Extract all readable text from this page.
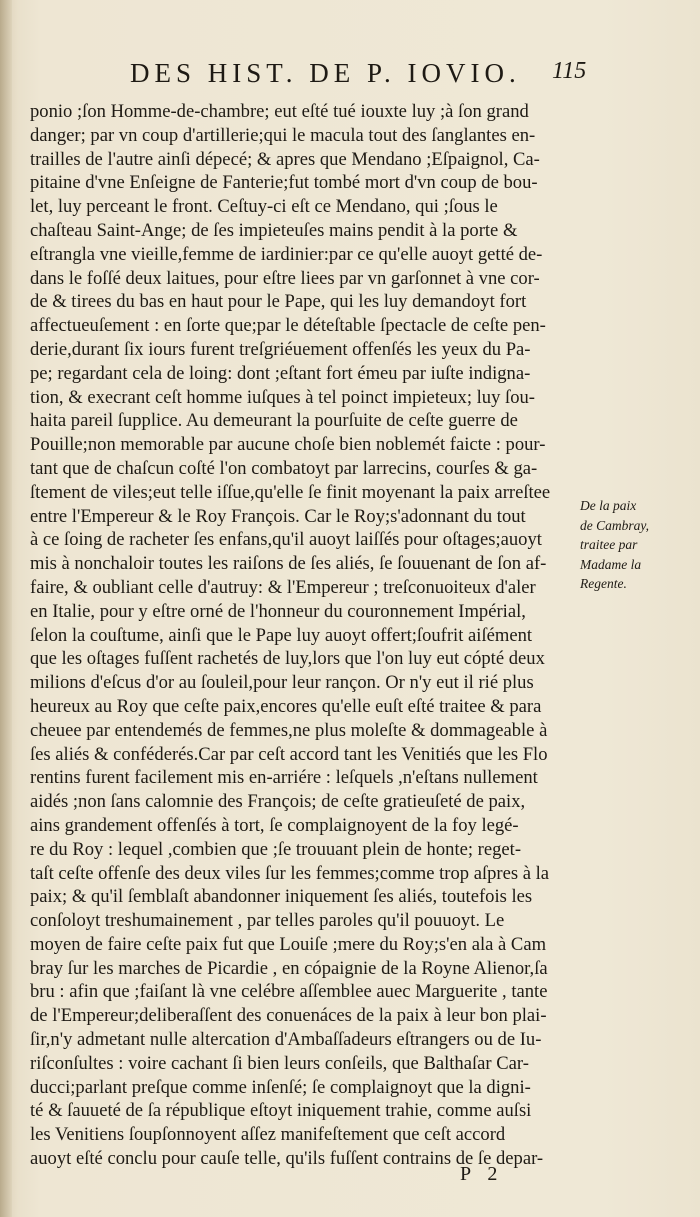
DES HIST. DE P. IOVIO. 115
ponio ;ſon Homme-de-chambre; eut eſté tué iouxte luy ;à ſon grand
danger; par vn coup d'artillerie;qui le macula tout des ſanglantes en-
trailles de l'autre ainſi dépecé; & apres que Mendano ;Eſpaignol, Ca-
pitaine d'vne Enſeigne de Fanterie;fut tombé mort d'vn coup de bou-
let, luy perceant le front. Ceſtuy-ci eſt ce Mendano, qui ;ſous le
chaſteau Saint-Ange; de ſes impieteuſes mains pendit à la porte &
eſtrangla vne vieille,femme de iardinier:par ce qu'elle auoyt getté de-
dans le foſſé deux laitues, pour eſtre liees par vn garſonnet à vne cor-
de & tirees du bas en haut pour le Pape, qui les luy demandoyt fort
affectueuſement : en ſorte que;par le déteſtable ſpectacle de ceſte pen-
derie,durant ſix iours furent treſgriéuement offenſés les yeux du Pa-
pe; regardant cela de loing: dont ;eſtant fort émeu par iuſte indigna-
tion, & execrant ceſt homme iuſques à tel poinct impieteux; luy ſou-
haita pareil ſupplice. Au demeurant la pourſuite de ceſte guerre de
Pouille;non memorable par aucune choſe bien noblemét faicte : pour-
tant que de chaſcun coſté l'on combatoyt par larrecins, courſes & ga-
ſtement de viles;eut telle iſſue,qu'elle ſe finit moyenant la paix arreſtee
entre l'Empereur & le Roy François. Car le Roy;s'adonnant du tout
à ce ſoing de racheter ſes enfans,qu'il auoyt laiſſés pour oſtages;auoyt
mis à nonchaloir toutes les raiſons de ſes aliés, ſe ſouuenant de ſon af-
faire, & oubliant celle d'autruy: & l'Empereur ; treſconuoiteux d'aler
en Italie, pour y eſtre orné de l'honneur du couronnement Impérial,
ſelon la couſtume, ainſi que le Pape luy auoyt offert;ſoufrit aiſément
que les oſtages fuſſent rachetés de luy,lors que l'on luy eut cópté deux
milions d'eſcus d'or au ſouleil,pour leur rançon. Or n'y eut il rié plus
heureux au Roy que ceſte paix,encores qu'elle euſt eſté traitee & para
cheuee par entendemés de femmes,ne plus moleſte & dommageable à
ſes aliés & conféderés.Car par ceſt accord tant les Venitiés que les Flo
rentins furent facilement mis en-arriére : leſquels ,n'eſtans nullement
aidés ;non ſans calomnie des François; de ceſte gratieuſeté de paix,
ains grandement offenſés à tort, ſe complaignoyent de la foy legé-
re du Roy : lequel ,combien que ;ſe trouuant plein de honte; reget-
taſt ceſte offenſe des deux viles ſur les femmes;comme trop aſpres à la
paix; & qu'il ſemblaſt abandonner iniquement ſes aliés, toutefois les
conſoloyt treshumainement , par telles paroles qu'il pouuoyt. Le
moyen de faire ceſte paix fut que Louiſe ;mere du Roy;s'en ala à Cam
bray ſur les marches de Picardie , en cópaignie de la Royne Alienor,ſa
bru : afin que ;faiſant là vne celébre aſſemblee auec Marguerite , tante
de l'Empereur;deliberaſſent des conuenáces de la paix à leur bon plai-
ſir,n'y admetant nulle altercation d'Ambaſſadeurs eſtrangers ou de Iu-
riſconſultes : voire cachant ſi bien leurs conſeils, que Balthaſar Car-
ducci;parlant preſque comme inſenſé; ſe complaignoyt que la digni-
té & ſauueté de ſa république eſtoyt iniquement trahie, comme auſsi
les Venitiens ſoupſonnoyent aſſez manifeſtement que ceſt accord
auoyt eſté conclu pour cauſe telle, qu'ils fuſſent contrains de ſe depar-
De la paix
de Cambray,
traitee par
Madame la
Regente.
P 2
